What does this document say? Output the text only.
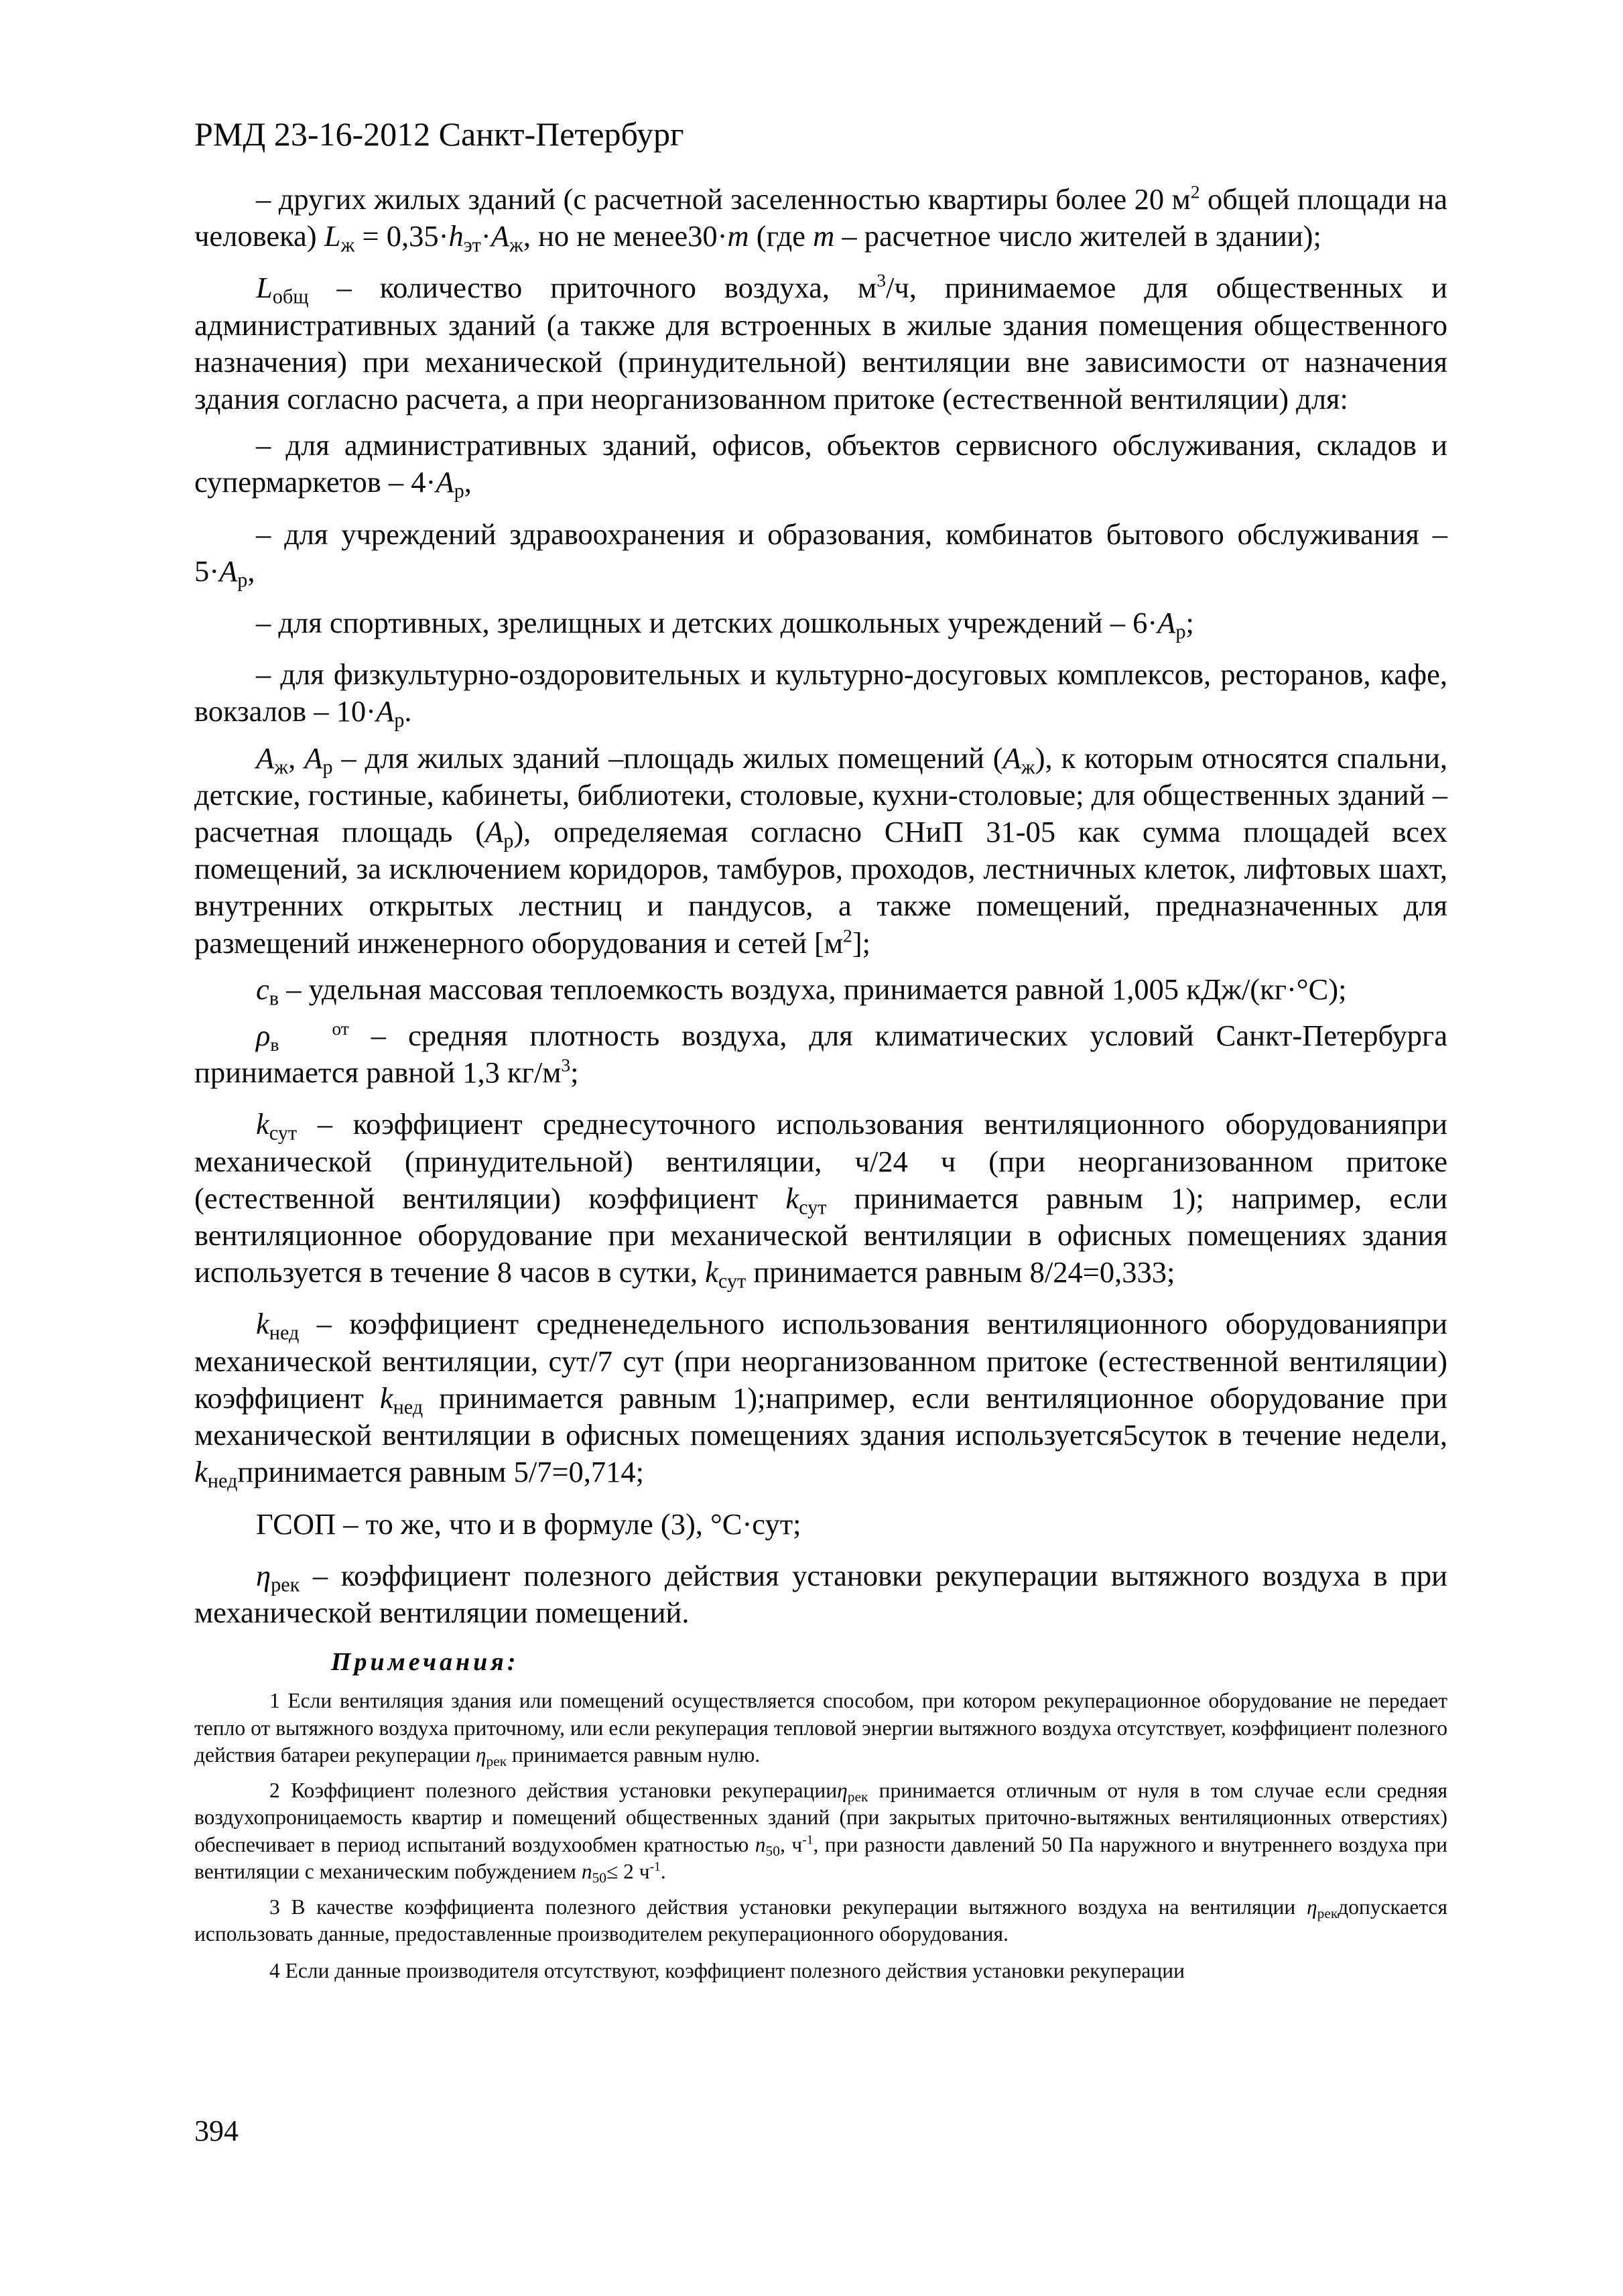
РМД 23-16-2012 Санкт-Петербург

– других жилых зданий (с расчетной заселенностью квартиры более 20 $м^2$ общей площади на человека) $L_ж = 0,35\cdot h_{эт}\cdot А_ж$, но не менее30·m (где m – расчетное число жителей в здании);

$L_{общ}$ – количество приточного воздуха, $м^3/ч$, принимаемое для общественных и административных зданий (а также для встроенных в жилые здания помещения общественного назначения) при механической (принудительной) вентиляции вне зависимости от назначения здания согласно расчета, а при неорганизованном притоке (естественной вентиляции) для:

– для административных зданий, офисов, объектов сервисного обслуживания, складов и супермаркетов – $4\cdot А_р$,

– для учреждений здравоохранения и образования, комбинатов бытового обслуживания – $5\cdot А_р$,

– для спортивных, зрелищных и детских дошкольных учреждений – $6\cdot А_р$;

– для физкультурно-оздоровительных и культурно-досуговых комплексов, ресторанов, кафе, вокзалов – $10\cdot А_р$.

$А_ж$, $А_р$ – для жилых зданий –площадь жилых помещений $(А_ж)$, к которым относятся спальни, детские, гостиные, кабинеты, библиотеки, столовые, кухни-столовые; для общественных зданий – расчетная площадь $(А_р)$, определяемая согласно СНиП 31-05 как сумма площадей всех помещений, за исключением коридоров, тамбуров, проходов, лестничных клеток, лифтовых шахт, внутренних открытых лестниц и пандусов, а также помещений, предназначенных для размещений инженерного оборудования и сетей $[м^2]$;

$c_в$ – удельная массовая теплоемкость воздуха, принимается равной 1,005 кДж/(кг·°С);

ρ	от
в – средняя плотность воздуха, для климатических условий Санкт-Петербурга принимается равной 1,3 $кг/м^3$;

$k_{сут}$ – коэффициент среднесуточного использования вентиляционного оборудованияпри механической (принудительной) вентиляции, ч/24 ч (при неорганизованном притоке (естественной вентиляции) коэффициент $k_{сут}$ принимается равным 1); например, если вентиляционное оборудование при механической вентиляции в офисных помещениях здания используется в течение 8 часов в сутки, $k_{сут}$ принимается равным 8/24=0,333;

$k_{нед}$ – коэффициент средненедельного использования вентиляционного оборудованияпри механической вентиляции, сут/7 сут (при неорганизованном притоке (естественной вентиляции) коэффициент $k_{нед}$ принимается равным 1);например, если вентиляционное оборудование при механической вентиляции в офисных помещениях здания используется5суток в течение недели, $k_{нед}принимается$ равным 5/7=0,714;

ГСОП – то же, что и в формуле (3), °С·сут;

$\eta_{рек}$ – коэффициент полезного действия установки рекуперации вытяжного воздуха в при механической вентиляции помещений.

Примечания:

1 Если вентиляция здания или помещений осуществляется способом, при котором рекуперационное оборудование не передает тепло от вытяжного воздуха приточному, или если рекуперация тепловой энергии вытяжного воздуха отсутствует, коэффициент полезного действия батареи рекуперации $\eta_{рек}$ принимается равным нулю.

2 Коэффициент полезного действия установки рекуперацииη$_{рек}$ принимается отличным от нуля в том случае если средняя воздухопроницаемость квартир и помещений общественных зданий (при закрытых приточно-вытяжных вентиляционных отверстиях) обеспечивает в период испытаний воздухообмен кратностью $n_{50}$, $ч^{-1}$, при разности давлений 50 Па наружного и внутреннего воздуха при вентиляции с механическим побуждением $n_{50}\le 2$ $ч^{-1}$.

3 В качестве коэффициента полезного действия установки рекуперации вытяжного воздуха на вентиляции $\eta_{рек}допускается$ использовать данные, предоставленные производителем рекуперационного оборудования.

4 Если данные производителя отсутствуют, коэффициент полезного действия установки рекуперации

394
